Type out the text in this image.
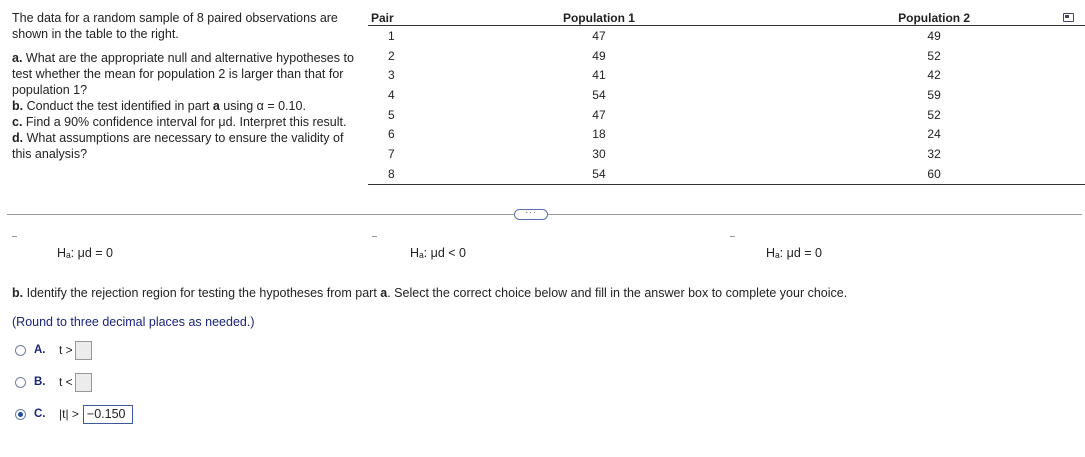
The data for a random sample of 8 paired observations are shown in the table to the right.

a. What are the appropriate null and alternative hypotheses to test whether the mean for population 2 is larger than that for population 1?

b. Conduct the test identified in part a using α = 0.10.

c. Find a 90% confidence interval for μd. Interpret this result.

d. What assumptions are necessary to ensure the validity of this analysis?

Pair	Population 1	Population 2
1	47	49
2	49	52
3	41	42
4	54	59
5	47	52
6	18	24
7	30	32
8	54	60
···
Hₐ: μd = 0	Hₐ: μd < 0	Hₐ: μd = 0
b. Identify the rejection region for testing the hypotheses from part a. Select the correct choice below and fill in the answer box to complete your choice.
(Round to three decimal places as needed.)
A.	t >
B.	t <
C.	|t| > −0.150
